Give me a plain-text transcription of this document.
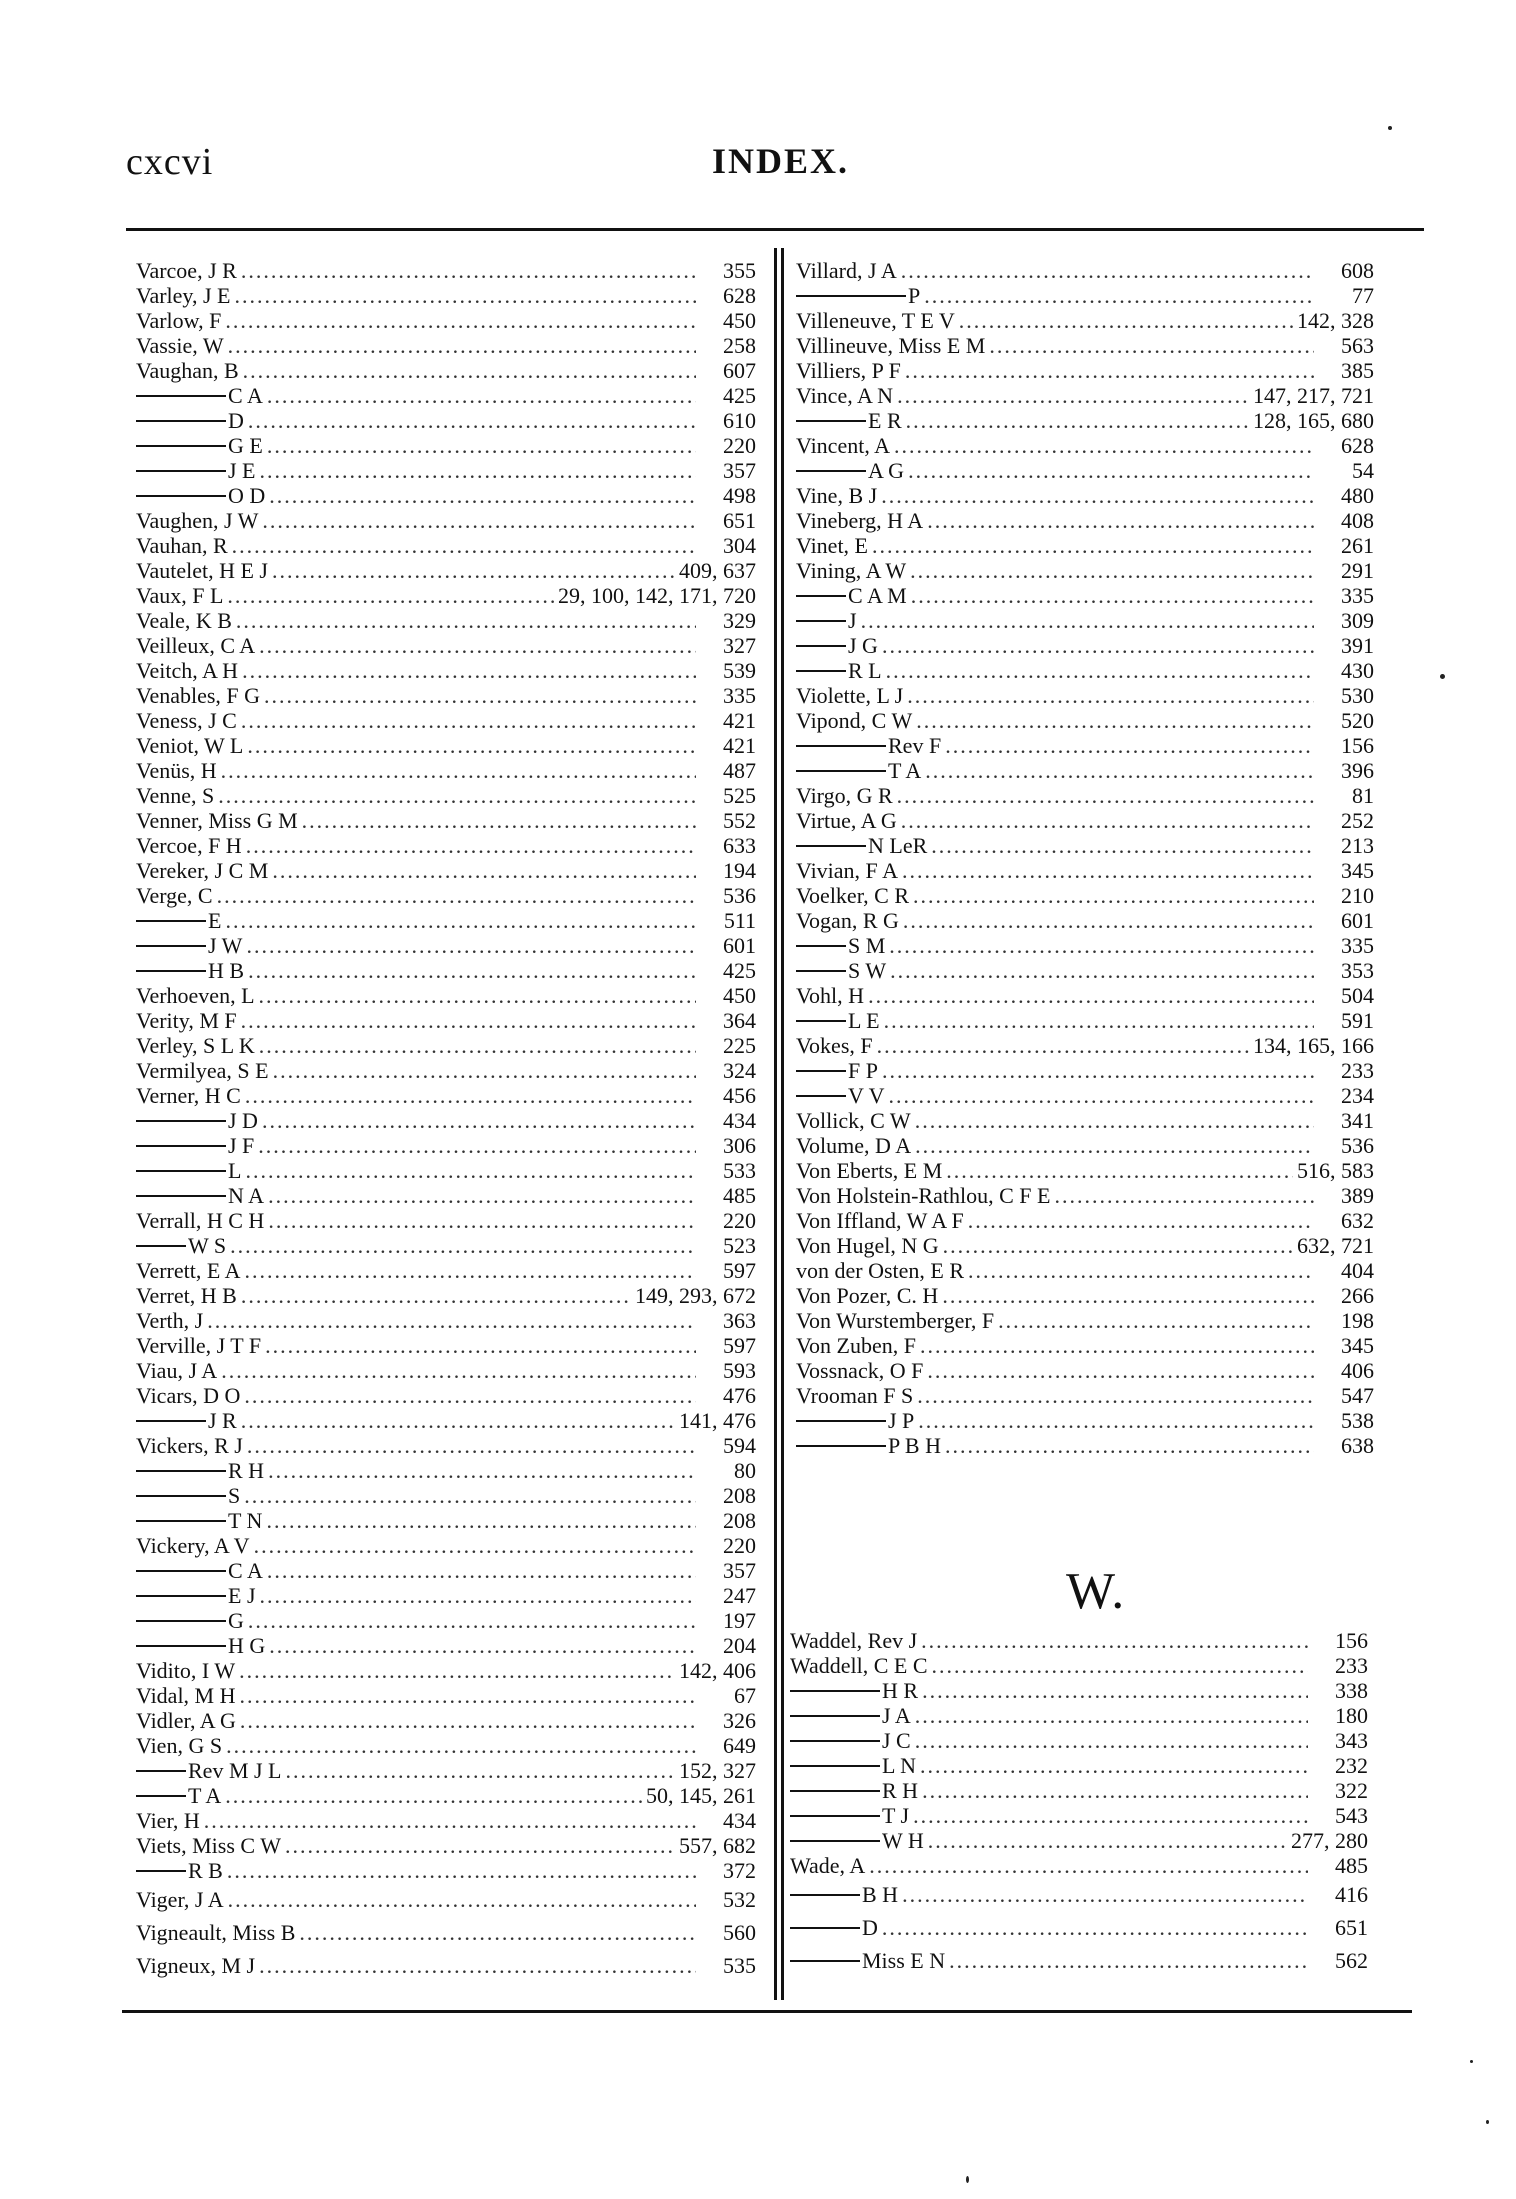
cxcvi	INDEX.
Varcoe, J R .....	355
Varley, J E .....	628
Varlow, F .....	450
Vassie, W .....	258
Vaughan, B .....	607
C A .....	425
D .....	610
G E .....	220
J E .....	357
O D .....	498
Vaughen, J W .....	651
Vauhan, R .....	304
Vautelet, H E J .....	409, 637
Vaux, F L .....	29, 100, 142, 171, 720
Veale, K B .....	329
Veilleux, C A .....	327
Veitch, A H .....	539
Venables, F G .....	335
Veness, J C .....	421
Veniot, W L .....	421
Venüs, H .....	487
Venne, S .....	525
Venner, Miss G M .....	552
Vercoe, F H .....	633
Vereker, J C M .....	194
Verge, C .....	536
E .....	511
J W .....	601
H B .....	425
Verhoeven, L .....	450
Verity, M F .....	364
Verley, S L K .....	225
Vermilyea, S E .....	324
Verner, H C .....	456
J D .....	434
J F .....	306
L .....	533
N A .....	485
Verrall, H C H .....	220
W S .....	523
Verrett, E A .....	597
Verret, H B .....	149, 293, 672
Verth, J .....	363
Verville, J T F .....	597
Viau, J A .....	593
Vicars, D O .....	476
J R .....	141, 476
Vickers, R J .....	594
R H .....	80
S .....	208
T N .....	208
Vickery, A V .....	220
C A .....	357
E J .....	247
G .....	197
H G .....	204
Vidito, I W .....	142, 406
Vidal, M H .....	67
Vidler, A G .....	326
Vien, G S .....	649
Rev M J L .....	152, 327
T A .....	50, 145, 261
Vier, H .....	434
Viets, Miss C W .....	557, 682
R B .....	372
Viger, J A .....	532
Vigneault, Miss B .....	560
Vigneux, M J .....	535
Villard, J A .....	608
P .....	77
Villeneuve, T E V .....	142, 328
Villineuve, Miss E M .....	563
Villiers, P F .....	385
Vince, A N .....	147, 217, 721
E R .....	128, 165, 680
Vincent, A .....	628
A G .....	54
Vine, B J .....	480
Vineberg, H A .....	408
Vinet, E .....	261
Vining, A W .....	291
C A M .....	335
J .....	309
J G .....	391
R L .....	430
Violette, L J .....	530
Vipond, C W .....	520
Rev F .....	156
T A .....	396
Virgo, G R .....	81
Virtue, A G .....	252
N LeR .....	213
Vivian, F A .....	345
Voelker, C R .....	210
Vogan, R G .....	601
S M .....	335
S W .....	353
Vohl, H .....	504
L E .....	591
Vokes, F .....	134, 165, 166
F P .....	233
V V .....	234
Vollick, C W .....	341
Volume, D A .....	536
Von Eberts, E M .....	516, 583
Von Holstein-Rathlou, C F E .....	389
Von Iffland, W A F .....	632
Von Hugel, N G .....	632, 721
von der Osten, E R .....	404
Von Pozer, C. H .....	266
Von Wurstemberger, F .....	198
Von Zuben, F .....	345
Vossnack, O F .....	406
Vrooman F S .....	547
J P .....	538
P B H .....	638
W.
Waddel, Rev J .....	156
Waddell, C E C .....	233
H R .....	338
J A .....	180
J C .....	343
L N .....	232
R H .....	322
T J .....	543
W H .....	277, 280
Wade, A .....	485
B H .....	416
D .....	651
Miss E N .....	562
